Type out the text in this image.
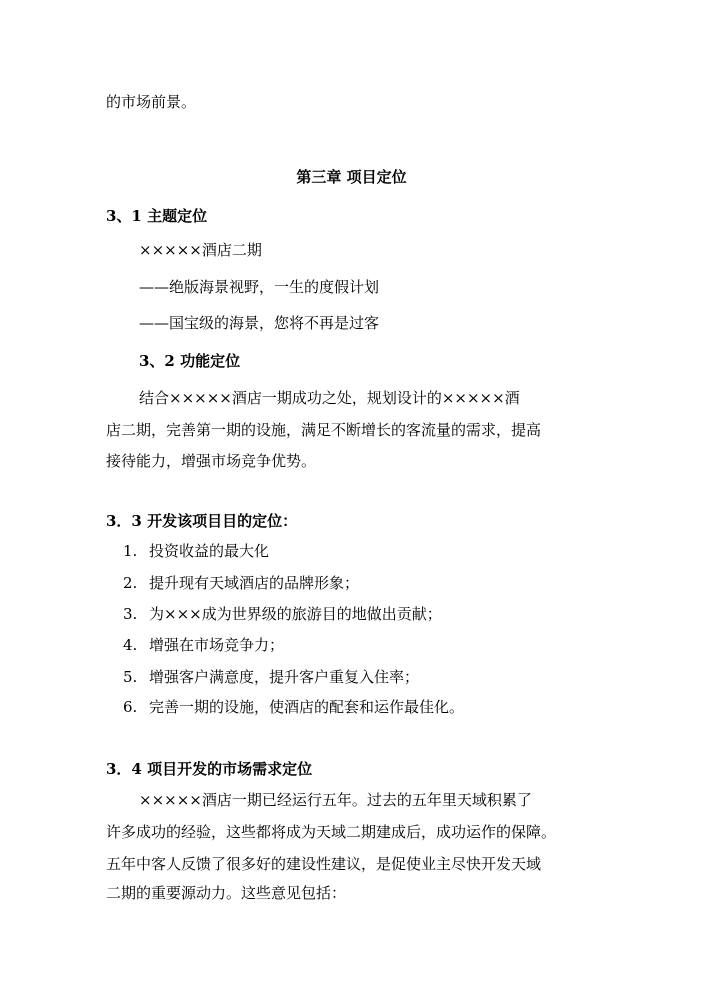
的市场前景。
第三章 项目定位
3、1 主题定位
×××××酒店二期
——绝版海景视野，一生的度假计划
——国宝级的海景，您将不再是过客
3、2 功能定位
结合×××××酒店一期成功之处，规划设计的×××××酒
店二期，完善第一期的设施，满足不断增长的客流量的需求，提高
接待能力，增强市场竞争优势。
3．3 开发该项目目的定位：
1. 投资收益的最大化
2. 提升现有天域酒店的品牌形象；
3. 为×××成为世界级的旅游目的地做出贡献；
4. 增强在市场竞争力；
5. 增强客户满意度，提升客户重复入住率；
6. 完善一期的设施，使酒店的配套和运作最佳化。
3．4 项目开发的市场需求定位
×××××酒店一期已经运行五年。过去的五年里天域积累了
许多成功的经验，这些都将成为天域二期建成后，成功运作的保障。
五年中客人反馈了很多好的建设性建议，是促使业主尽快开发天域
二期的重要源动力。这些意见包括：
